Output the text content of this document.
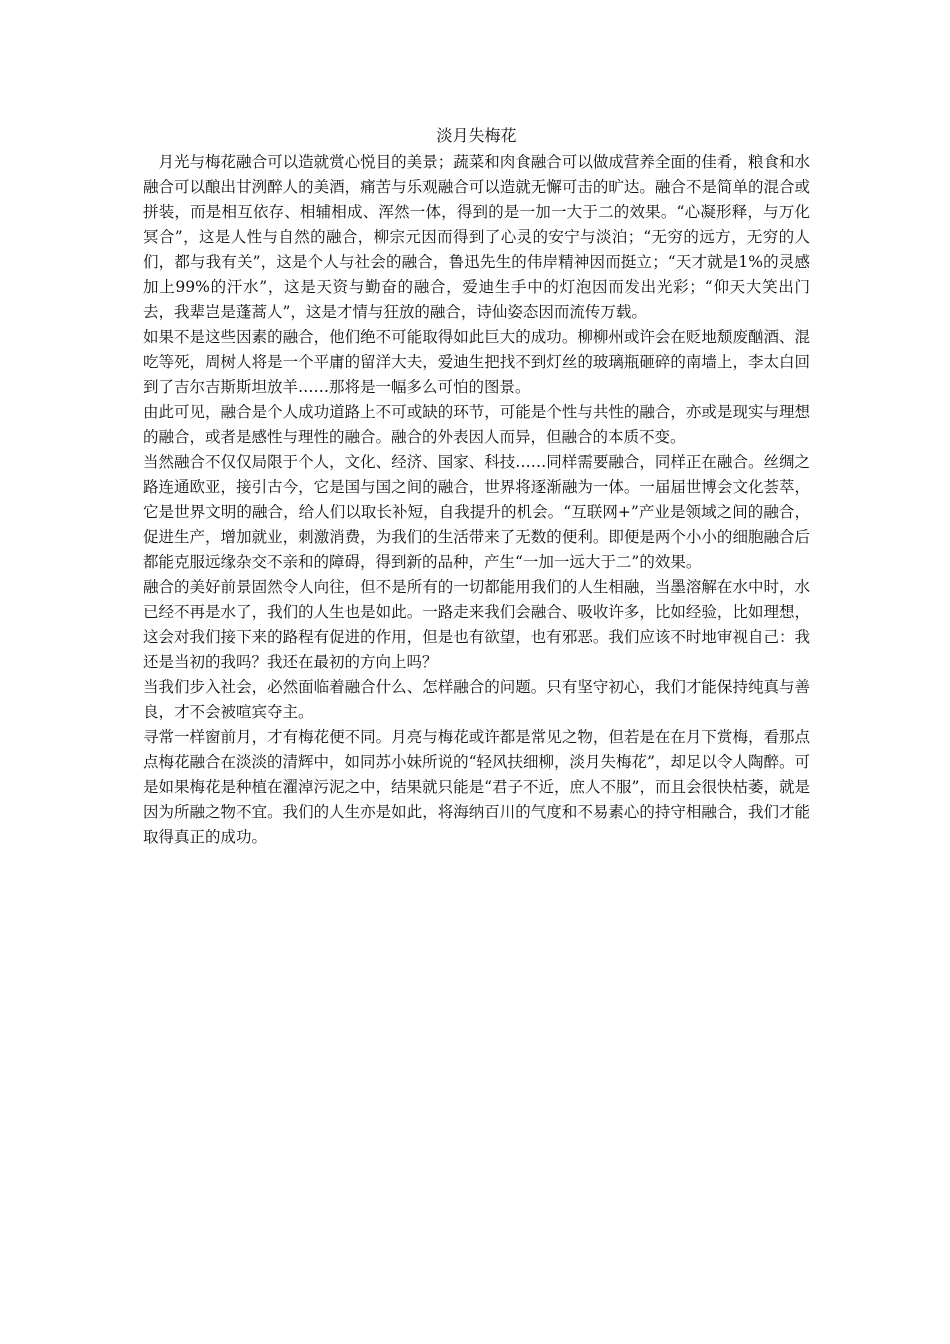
淡月失梅花

月光与梅花融合可以造就赏心悦目的美景；蔬菜和肉食融合可以做成营养全面的佳肴，粮食和水融合可以酿出甘洌醉人的美酒，痛苦与乐观融合可以造就无懈可击的旷达。融合不是简单的混合或拼装，而是相互依存、相辅相成、浑然一体，得到的是一加一大于二的效果。“心凝形释，与万化冥合”，这是人性与自然的融合，柳宗元因而得到了心灵的安宁与淡泊；“无穷的远方，无穷的人们，都与我有关”，这是个人与社会的融合，鲁迅先生的伟岸精神因而挺立；“天才就是1%的灵感加上99%的汗水”，这是天资与勤奋的融合，爱迪生手中的灯泡因而发出光彩；“仰天大笑出门去，我辈岂是蓬蒿人”，这是才情与狂放的融合，诗仙姿态因而流传万载。

如果不是这些因素的融合，他们绝不可能取得如此巨大的成功。柳柳州或许会在贬地颓废酗酒、混吃等死，周树人将是一个平庸的留洋大夫，爱迪生把找不到灯丝的玻璃瓶砸碎的南墙上，李太白回到了吉尔吉斯斯坦放羊……那将是一幅多么可怕的图景。

由此可见，融合是个人成功道路上不可或缺的环节，可能是个性与共性的融合，亦或是现实与理想的融合，或者是感性与理性的融合。融合的外表因人而异，但融合的本质不变。

当然融合不仅仅局限于个人，文化、经济、国家、科技……同样需要融合，同样正在融合。丝绸之路连通欧亚，接引古今，它是国与国之间的融合，世界将逐渐融为一体。一届届世博会文化荟萃，它是世界文明的融合，给人们以取长补短，自我提升的机会。“互联网+”产业是领域之间的融合，促进生产，增加就业，刺激消费，为我们的生活带来了无数的便利。即便是两个小小的细胞融合后都能克服远缘杂交不亲和的障碍，得到新的品种，产生“一加一远大于二”的效果。

融合的美好前景固然令人向往，但不是所有的一切都能用我们的人生相融，当墨溶解在水中时，水已经不再是水了，我们的人生也是如此。一路走来我们会融合、吸收许多，比如经验，比如理想，这会对我们接下来的路程有促进的作用，但是也有欲望，也有邪恶。我们应该不时地审视自己：我还是当初的我吗？我还在最初的方向上吗？

当我们步入社会，必然面临着融合什么、怎样融合的问题。只有坚守初心，我们才能保持纯真与善良，才不会被喧宾夺主。

寻常一样窗前月，才有梅花便不同。月亮与梅花或许都是常见之物，但若是在在月下赏梅，看那点点梅花融合在淡淡的清辉中，如同苏小妹所说的“轻风扶细柳，淡月失梅花”，却足以令人陶醉。可是如果梅花是种植在濯淖污泥之中，结果就只能是“君子不近，庶人不服”，而且会很快枯萎，就是因为所融之物不宜。我们的人生亦是如此，将海纳百川的气度和不易素心的持守相融合，我们才能取得真正的成功。
